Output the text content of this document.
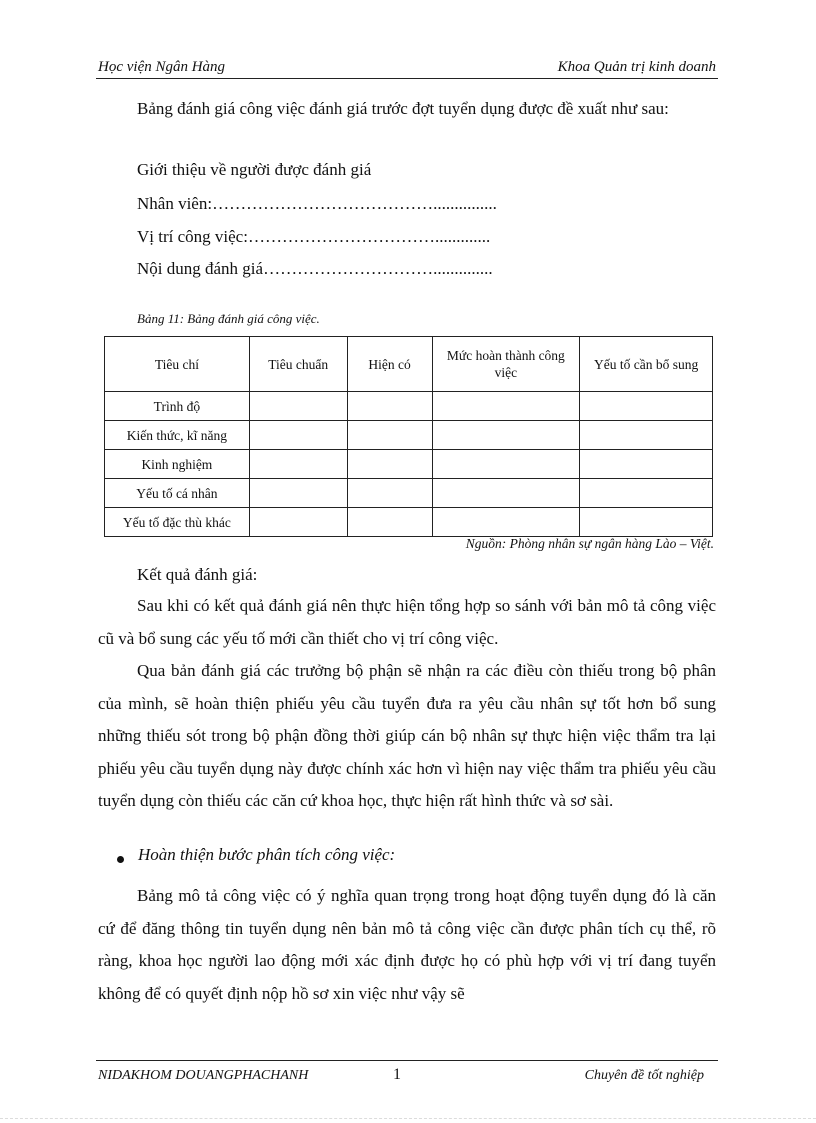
Học viện Ngân Hàng	Khoa Quản trị kinh doanh
Bảng đánh giá công việc đánh giá trước đợt tuyển dụng được đề xuất như sau:
Giới thiệu về người được đánh giá
Nhân viên:…………………………………...............
Vị trí công việc:…………………………….............
Nội dung đánh giá…………………………..............
Bảng 11: Bảng đánh giá công việc.
Tiêu chí	Tiêu chuẩn	Hiện có	Mức hoàn thành công việc	Yếu tố cần bổ sung
Trình độ				
Kiến thức, kĩ năng				
Kinh nghiệm				
Yếu tố cá nhân				
Yếu tố đặc thù khác				
Nguồn: Phòng nhân sự ngân hàng Lào – Việt.
Kết quả đánh giá:
Sau khi có kết quả đánh giá nên thực hiện tổng hợp so sánh với bản mô tả công việc cũ và bổ sung các yếu tố mới cần thiết cho vị trí công việc.
Qua bản đánh giá các trưởng bộ phận sẽ nhận ra các điều còn thiếu trong bộ phân của mình, sẽ hoàn thiện phiếu yêu cầu tuyển đưa ra yêu cầu nhân sự tốt hơn bổ sung những thiếu sót trong bộ phận đồng thời giúp cán bộ nhân sự thực hiện việc thẩm tra lại phiếu yêu cầu tuyển dụng này được chính xác hơn vì hiện nay việc thẩm tra phiếu yêu cầu tuyển dụng còn thiếu các căn cứ khoa học, thực hiện rất hình thức và sơ sài.
Hoàn thiện bước phân tích công việc:
Bảng mô tả công việc có ý nghĩa quan trọng trong hoạt động tuyển dụng đó là căn cứ để đăng thông tin tuyển dụng nên bản mô tả công việc cần được phân tích cụ thể, rõ ràng, khoa học người lao động mới xác định được họ có phù hợp với vị trí đang tuyển không để có quyết định nộp hồ sơ xin việc như vậy sẽ
NIDAKHOM DOUANGPHACHANH	1	Chuyên đề tốt nghiệp
